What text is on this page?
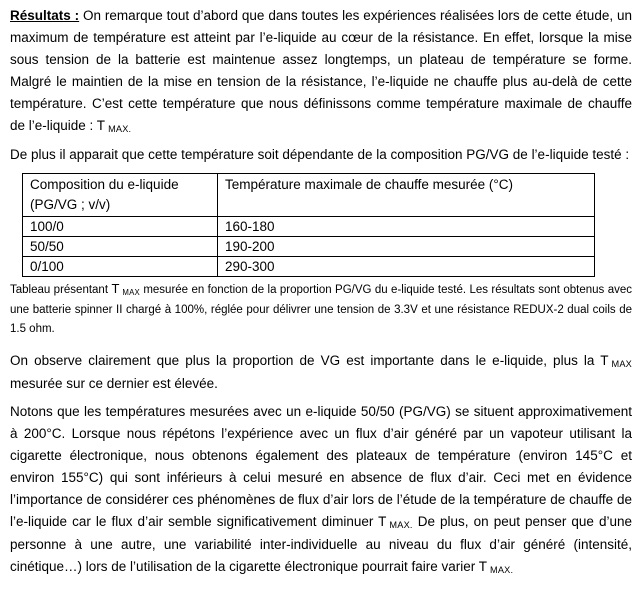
Résultats : On remarque tout d’abord que dans toutes les expériences réalisées lors de cette étude, un maximum de température est atteint par l’e-liquide au cœur de la résistance. En effet, lorsque la mise sous tension de la batterie est maintenue assez longtemps, un plateau de température se forme. Malgré le maintien de la mise en tension de la résistance, l’e-liquide ne chauffe plus au-delà de cette température. C’est cette température que nous définissons comme température maximale de chauffe de l’e-liquide : T MAX.

De plus il apparait que cette température soit dépendante de la composition PG/VG de l’e-liquide testé :

Composition du e-liquide (PG/VG ; v/v)	Température maximale de chauffe mesurée (°C)
100/0	160-180
50/50	190-200
0/100	290-300

Tableau présentant T MAX mesurée en fonction de la proportion PG/VG du e-liquide testé. Les résultats sont obtenus avec une batterie spinner II chargé à 100%, réglée pour délivrer une tension de 3.3V et une résistance REDUX-2 dual coils de 1.5 ohm.

On observe clairement que plus la proportion de VG est importante dans le e-liquide, plus la T MAX mesurée sur ce dernier est élevée.

Notons que les températures mesurées avec un e-liquide 50/50 (PG/VG) se situent approximativement à 200°C. Lorsque nous répétons l’expérience avec un flux d’air généré par un vapoteur utilisant la cigarette électronique, nous obtenons également des plateaux de température (environ 145°C et environ 155°C) qui sont inférieurs à celui mesuré en absence de flux d’air. Ceci met en évidence l’importance de considérer ces phénomènes de flux d’air lors de l’étude de la température de chauffe de l’e-liquide car le flux d’air semble significativement diminuer T MAX. De plus, on peut penser que d’une personne à une autre, une variabilité inter-individuelle au niveau du flux d’air généré (intensité, cinétique…) lors de l’utilisation de la cigarette électronique pourrait faire varier T MAX.
